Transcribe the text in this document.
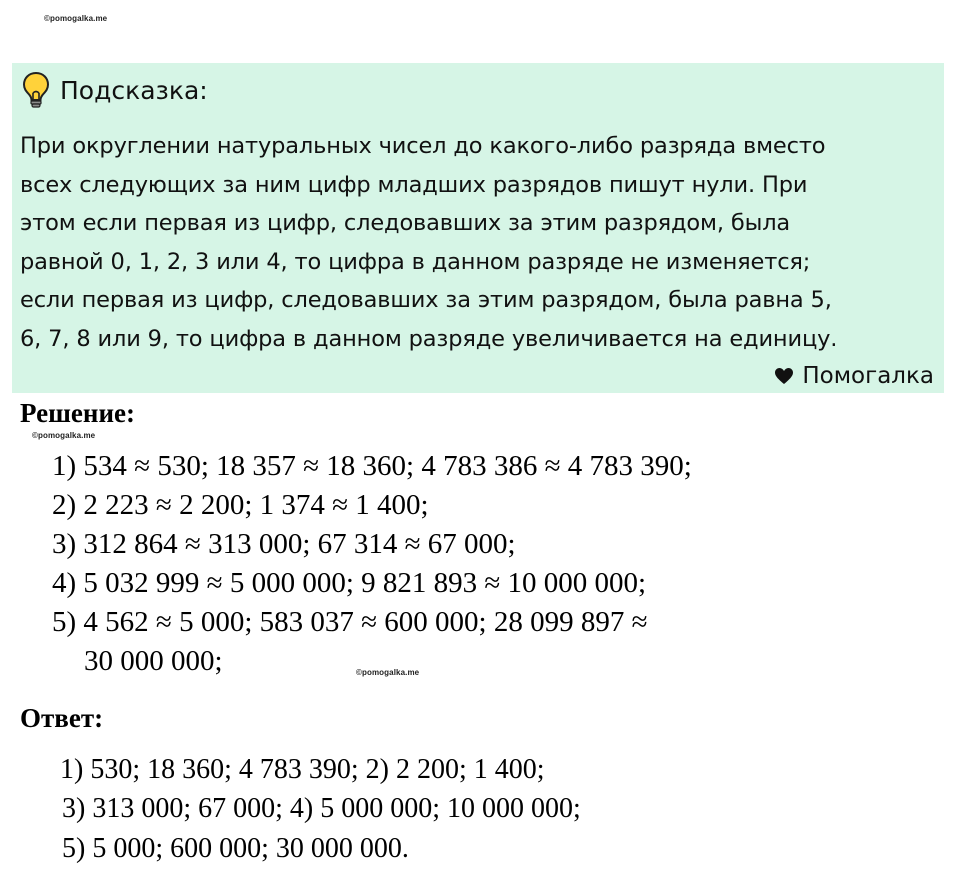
©pomogalka.me
Подсказка:
При округлении натуральных чисел до какого-либо разряда вместо
всех следующих за ним цифр младших разрядов пишут нули. При
этом если первая из цифр, следовавших за этим разрядом, была
равной 0, 1, 2, 3 или 4, то цифра в данном разряде не изменяется;
если первая из цифр, следовавших за этим разрядом, была равна 5,
6, 7, 8 или 9, то цифра в данном разряде увеличивается на единицу.
Помогалка
Решение:
©pomogalka.me
1) 534 ≈ 530; 18 357 ≈ 18 360; 4 783 386 ≈ 4 783 390;
2) 2 223 ≈ 2 200; 1 374 ≈ 1 400;
3) 312 864 ≈ 313 000; 67 314 ≈ 67 000;
4) 5 032 999 ≈ 5 000 000; 9 821 893 ≈ 10 000 000;
5) 4 562 ≈ 5 000; 583 037 ≈ 600 000; 28 099 897 ≈
30 000 000;	©pomogalka.me
Ответ:
1) 530; 18 360; 4 783 390; 2) 2 200; 1 400;
3) 313 000; 67 000; 4) 5 000 000; 10 000 000;
5) 5 000; 600 000; 30 000 000.
